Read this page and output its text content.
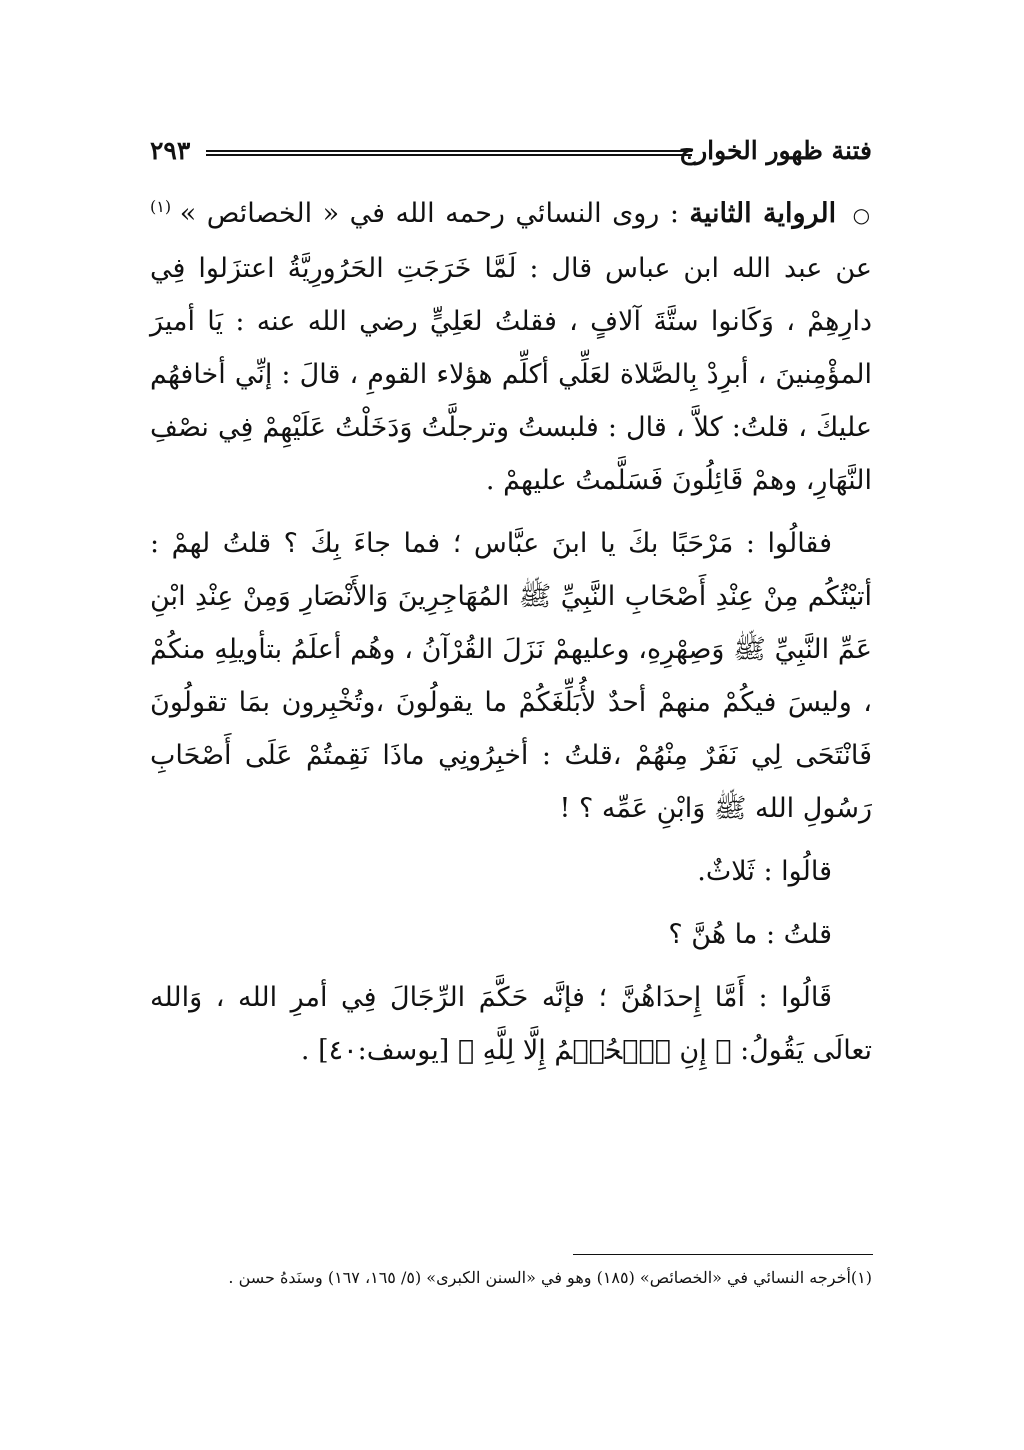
فتنة ظهور الخوارج
٢٩٣

○ الرواية الثانية : روى النسائي رحمه الله في « الخصائص » $^{(١)}$ عن عبد الله ابن عباس قال : لَمَّا خَرَجَتِ الحَرُورِيَّةُ اعتزَلوا فِي دارِهِمْ ، وَكَانوا ستَّةَ آلافٍ ، فقلتُ لعَلِيٍّ رضي الله عنه : يَا أميرَ المؤْمِنينَ ، أبرِدْ بِالصَّلاة لعَلِّي أكلِّم هؤلاء القومِ ، قالَ : إنِّي أخافهُم عليكَ ، قلتُ: كلاَّ ، قال : فلبستُ وترجلَّتُ وَدَخَلْتُ عَلَيْهِمْ فِي نصْفِ النَّهَارِ، وهمْ قَائِلُونَ فَسَلَّمتُ عليهمْ .

فقالُوا : مَرْحَبًا بكَ يا ابنَ عبَّاس ؛ فما جاءَ بِكَ ؟ قلتُ لهمْ : أتيْتُكُم مِنْ عِنْدِ أَصْحَابِ النَّبِيِّ ﷺ المُهَاجِرِينَ وَالأَنْصَارِ وَمِنْ عِنْدِ ابْنِ عَمِّ النَّبِيِّ ﷺ وَصِهْرِهِ، وعليهمْ نَزَلَ القُرْآنُ ، وهُم أعلَمُ بتأويلِهِ منكُمْ ، وليسَ فيكُمْ منهمْ أحدٌ لأُبَلِّغَكُمْ ما يقولُونَ ،وتُخْبِرون بمَا تقولُونَ فَانْتَحَى لِي نَفَرٌ مِنْهُمْ ،قلتُ : أخبِرُونِي ماذَا نَقِمتُمْ عَلَى أَصْحَابِ رَسُولِ الله ﷺ وَابْنِ عَمِّه ؟ !

قالُوا : ثَلاثٌ.

قلتُ : ما هُنَّ ؟

قَالُوا : أَمَّا إِحدَاهُنَّ ؛ فإنَّه حَكَّمَ الرِّجَالَ فِي أمرِ الله ، وَالله تعالَى يَقُولُ: ﴿ إِنِ ٱلۡحُكۡمُ إِلَّا لِلَّهِ ﴾ [يوسف:٤٠] .

(١)أخرجه النسائي في «الخصائص» (١٨٥) وهو في «السنن الكبرى» (٥/ ١٦٥، ١٦٧) وسنَدهُ حسن .
